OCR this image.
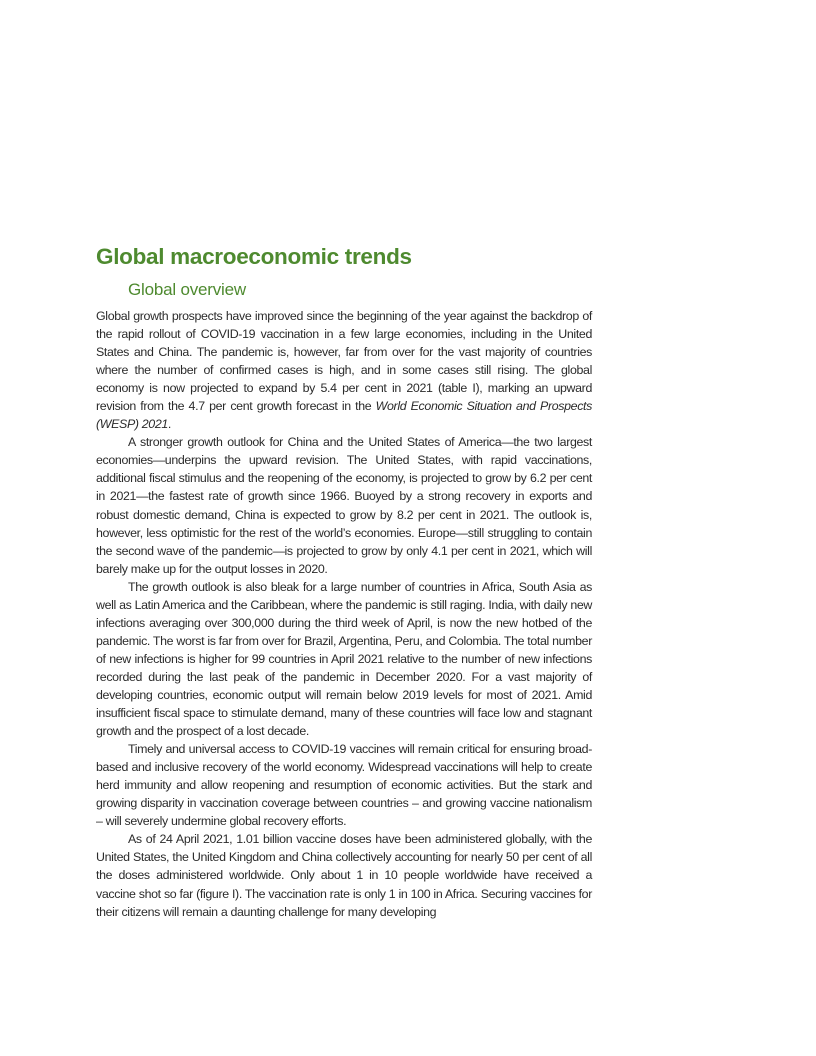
Global macroeconomic trends
Global overview

Global growth prospects have improved since the beginning of the year against the backdrop of the rapid rollout of COVID-19 vaccination in a few large economies, including in the United States and China. The pandemic is, however, far from over for the vast majority of countries where the number of confirmed cases is high, and in some cases still rising. The global economy is now projected to expand by 5.4 per cent in 2021 (table I), marking an upward revision from the 4.7 per cent growth forecast in the World Economic Situation and Prospects (WESP) 2021.

A stronger growth outlook for China and the United States of America—the two largest economies—underpins the upward revision. The United States, with rapid vaccinations, additional fiscal stimulus and the reopening of the economy, is projected to grow by 6.2 per cent in 2021—the fastest rate of growth since 1966. Buoyed by a strong recovery in exports and robust domestic demand, China is expected to grow by 8.2 per cent in 2021. The outlook is, however, less optimistic for the rest of the world’s economies. Europe—still struggling to contain the second wave of the pandemic—is projected to grow by only 4.1 per cent in 2021, which will barely make up for the output losses in 2020.

The growth outlook is also bleak for a large number of countries in Africa, South Asia as well as Latin America and the Caribbean, where the pandemic is still raging. India, with daily new infections averaging over 300,000 during the third week of April, is now the new hotbed of the pandemic. The worst is far from over for Brazil, Argentina, Peru, and Colombia. The total number of new infections is higher for 99 countries in April 2021 relative to the number of new infections recorded during the last peak of the pandemic in December 2020. For a vast majority of developing countries, economic output will remain below 2019 levels for most of 2021. Amid insufficient fiscal space to stimulate demand, many of these countries will face low and stagnant growth and the prospect of a lost decade.

Timely and universal access to COVID-19 vaccines will remain critical for ensuring broad-based and inclusive recovery of the world economy. Widespread vaccinations will help to create herd immunity and allow reopening and resumption of economic activities. But the stark and growing disparity in vaccination coverage between countries – and growing vaccine nationalism – will severely undermine global recovery efforts.

As of 24 April 2021, 1.01 billion vaccine doses have been administered globally, with the United States, the United Kingdom and China collectively accounting for nearly 50 per cent of all the doses administered worldwide. Only about 1 in 10 people worldwide have received a vaccine shot so far (figure I). The vaccination rate is only 1 in 100 in Africa. Securing vaccines for their citizens will remain a daunting challenge for many developing
